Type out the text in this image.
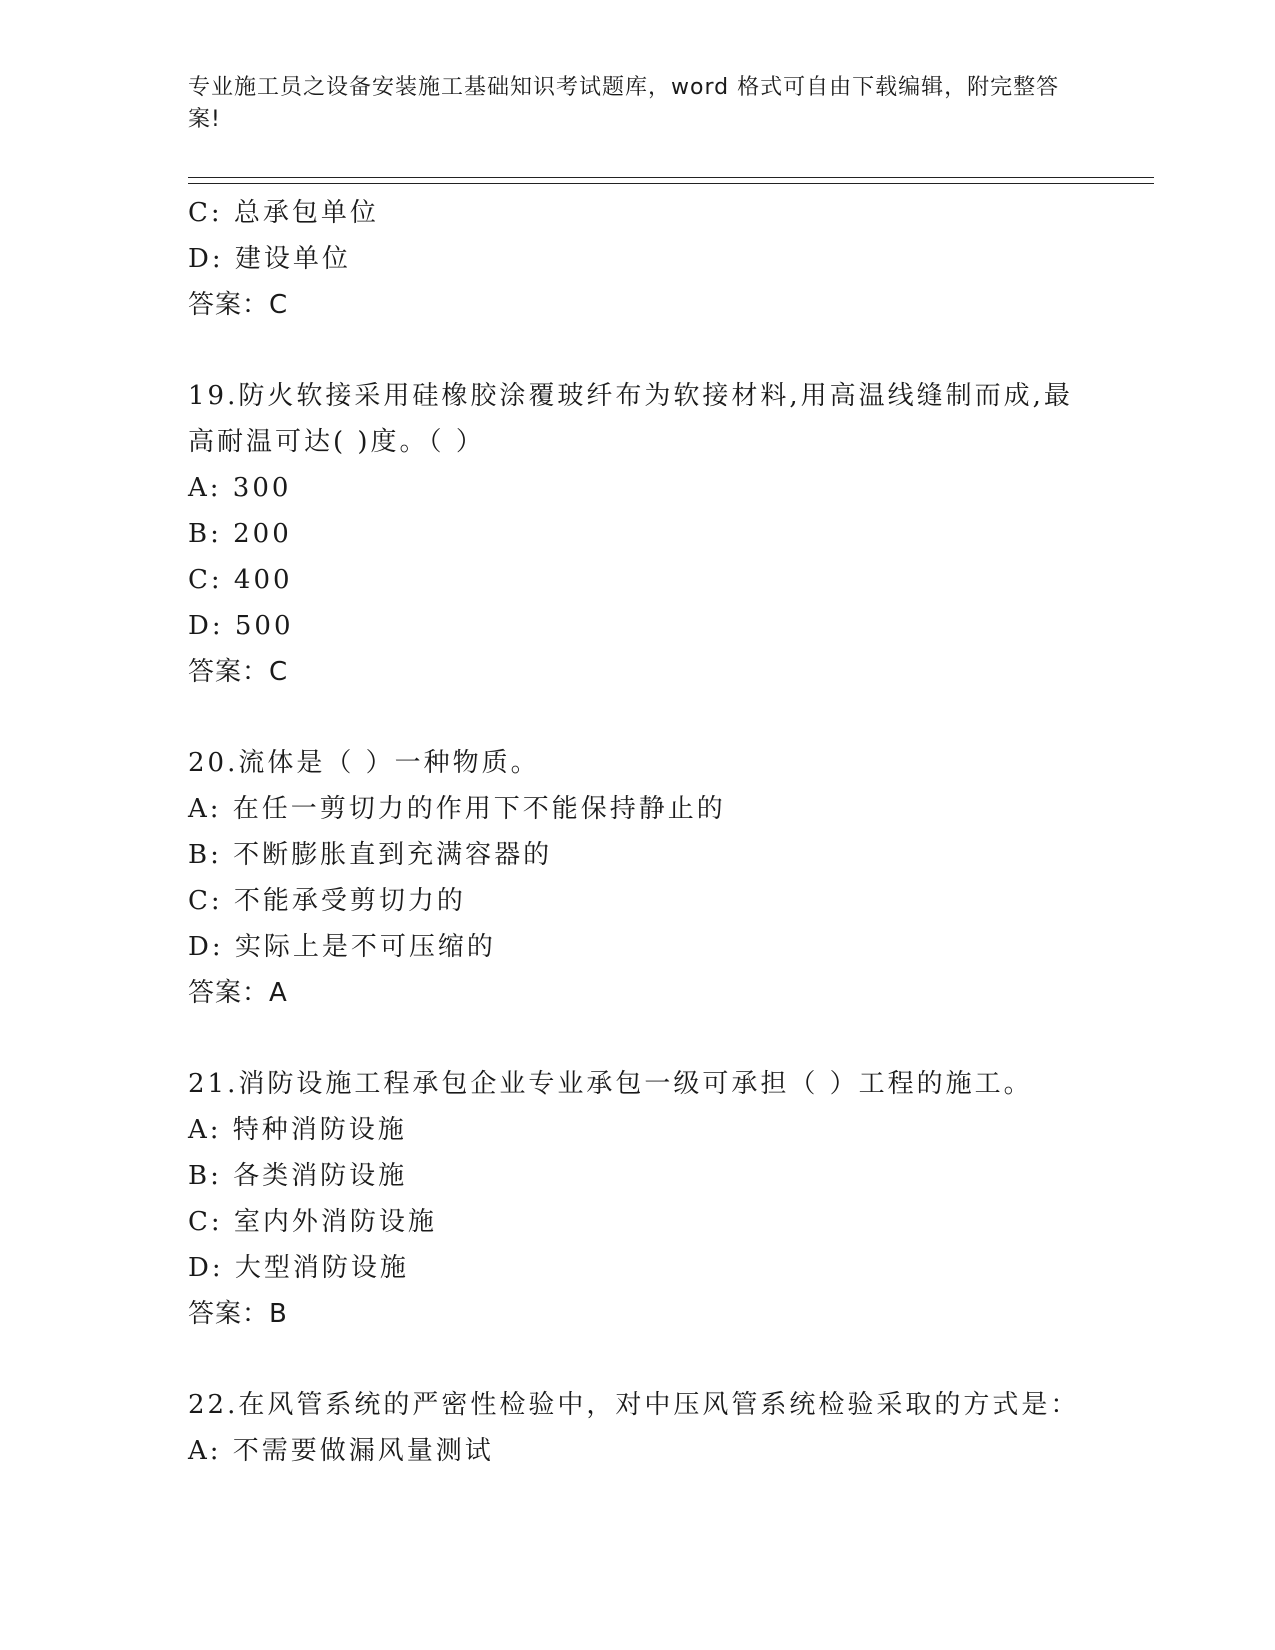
专业施工员之设备安装施工基础知识考试题库，word 格式可自由下载编辑，附完整答案!
C: 总承包单位
D: 建设单位
答案：C
19.防火软接采用硅橡胶涂覆玻纤布为软接材料,用高温线缝制而成,最
高耐温可达( )度。（ ）
A: 300
B: 200
C: 400
D: 500
答案：C
20.流体是（ ）一种物质。
A: 在任一剪切力的作用下不能保持静止的
B: 不断膨胀直到充满容器的
C: 不能承受剪切力的
D: 实际上是不可压缩的
答案：A
21.消防设施工程承包企业专业承包一级可承担（ ）工程的施工。
A: 特种消防设施
B: 各类消防设施
C: 室内外消防设施
D: 大型消防设施
答案：B
22.在风管系统的严密性检验中，对中压风管系统检验采取的方式是：
A: 不需要做漏风量测试
